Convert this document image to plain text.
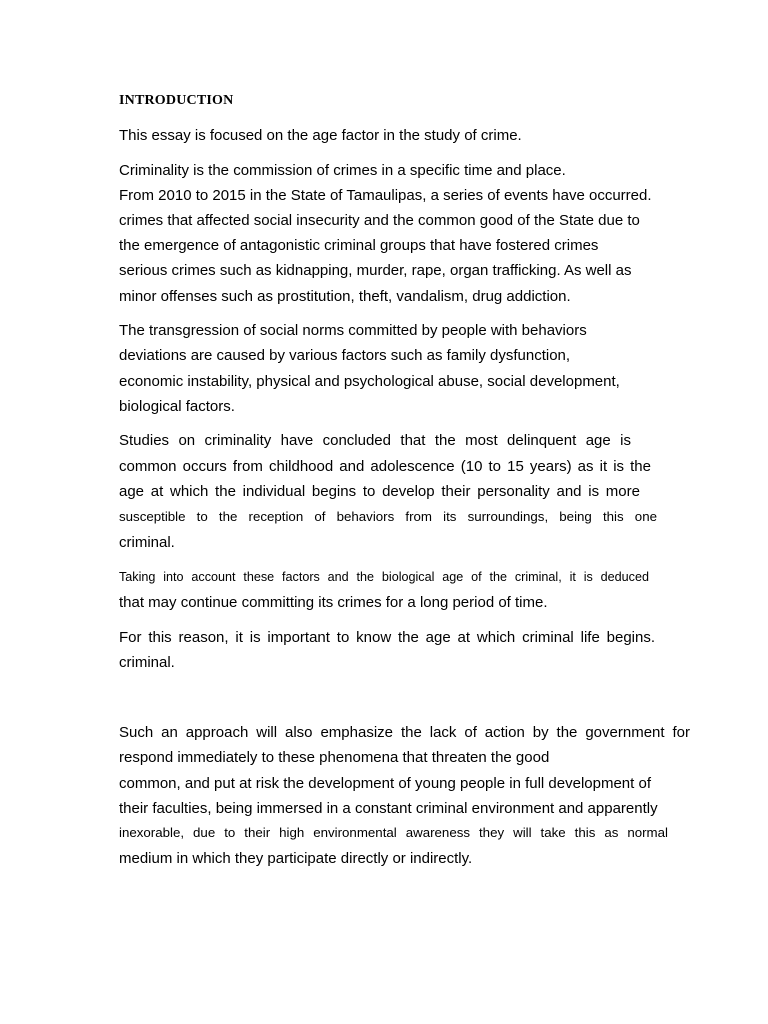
INTRODUCTION
This essay is focused on the age factor in the study of crime.
Criminality is the commission of crimes in a specific time and place.
From 2010 to 2015 in the State of Tamaulipas, a series of events have occurred.
crimes that affected social insecurity and the common good of the State due to
the emergence of antagonistic criminal groups that have fostered crimes
serious crimes such as kidnapping, murder, rape, organ trafficking. As well as
minor offenses such as prostitution, theft, vandalism, drug addiction.
The transgression of social norms committed by people with behaviors
deviations are caused by various factors such as family dysfunction,
economic instability, physical and psychological abuse, social development,
biological factors.
Studies on criminality have concluded that the most delinquent age is
common occurs from childhood and adolescence (10 to 15 years) as it is the
age at which the individual begins to develop their personality and is more
susceptible to the reception of behaviors from its surroundings, being this one
criminal.
Taking into account these factors and the biological age of the criminal, it is deduced
that may continue committing its crimes for a long period of time.
For this reason, it is important to know the age at which criminal life begins.
criminal.
Such an approach will also emphasize the lack of action by the government for
respond immediately to these phenomena that threaten the good
common, and put at risk the development of young people in full development of
their faculties, being immersed in a constant criminal environment and apparently
inexorable, due to their high environmental awareness they will take this as normal
medium in which they participate directly or indirectly.
